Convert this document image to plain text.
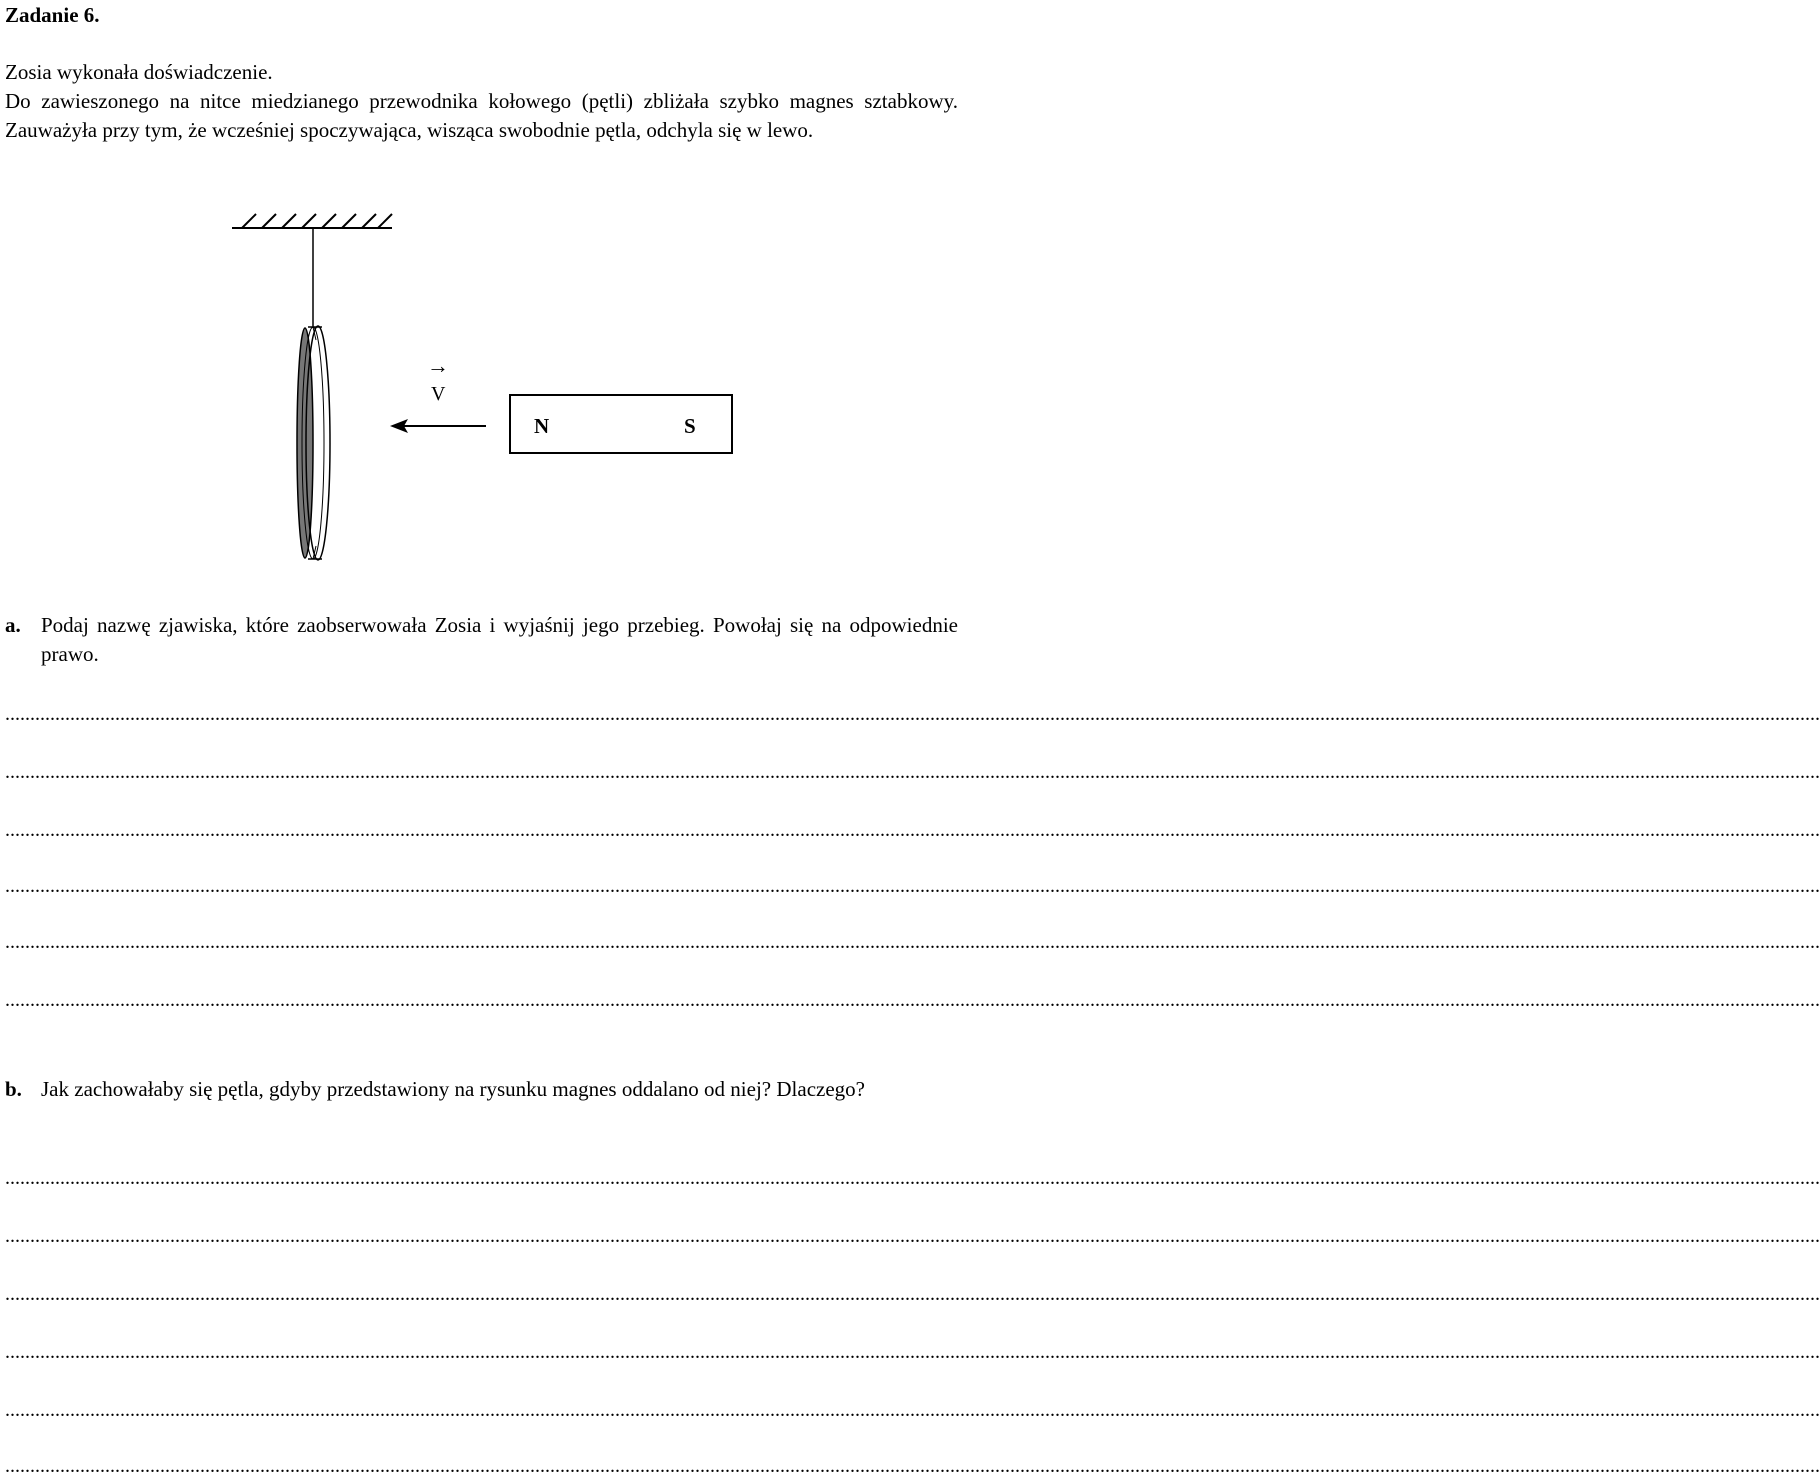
Zadanie 6.

Zosia wykonała doświadczenie.

Do zawieszonego na nitce miedzianego przewodnika kołowego (pętli) zbliżała szybko magnes sztabkowy. Zauważyła przy tym, że wcześniej spoczywająca, wisząca swobodnie pętla, odchyla się w lewo.

→
V
N	S
a. Podaj nazwę zjawiska, które zaobserwowała Zosia i wyjaśnij jego przebieg. Powołaj się na odpowiednie prawo.
...........................................................................................................................................................................................................................................................................................................................................................................
...........................................................................................................................................................................................................................................................................................................................................................................
...........................................................................................................................................................................................................................................................................................................................................................................
...........................................................................................................................................................................................................................................................................................................................................................................
...........................................................................................................................................................................................................................................................................................................................................................................
...........................................................................................................................................................................................................................................................................................................................................................................
b. Jak zachowałaby się pętla, gdyby przedstawiony na rysunku magnes oddalano od niej? Dlaczego?
...........................................................................................................................................................................................................................................................................................................................................................................
...........................................................................................................................................................................................................................................................................................................................................................................
...........................................................................................................................................................................................................................................................................................................................................................................
...........................................................................................................................................................................................................................................................................................................................................................................
...........................................................................................................................................................................................................................................................................................................................................................................
...........................................................................................................................................................................................................................................................................................................................................................................
